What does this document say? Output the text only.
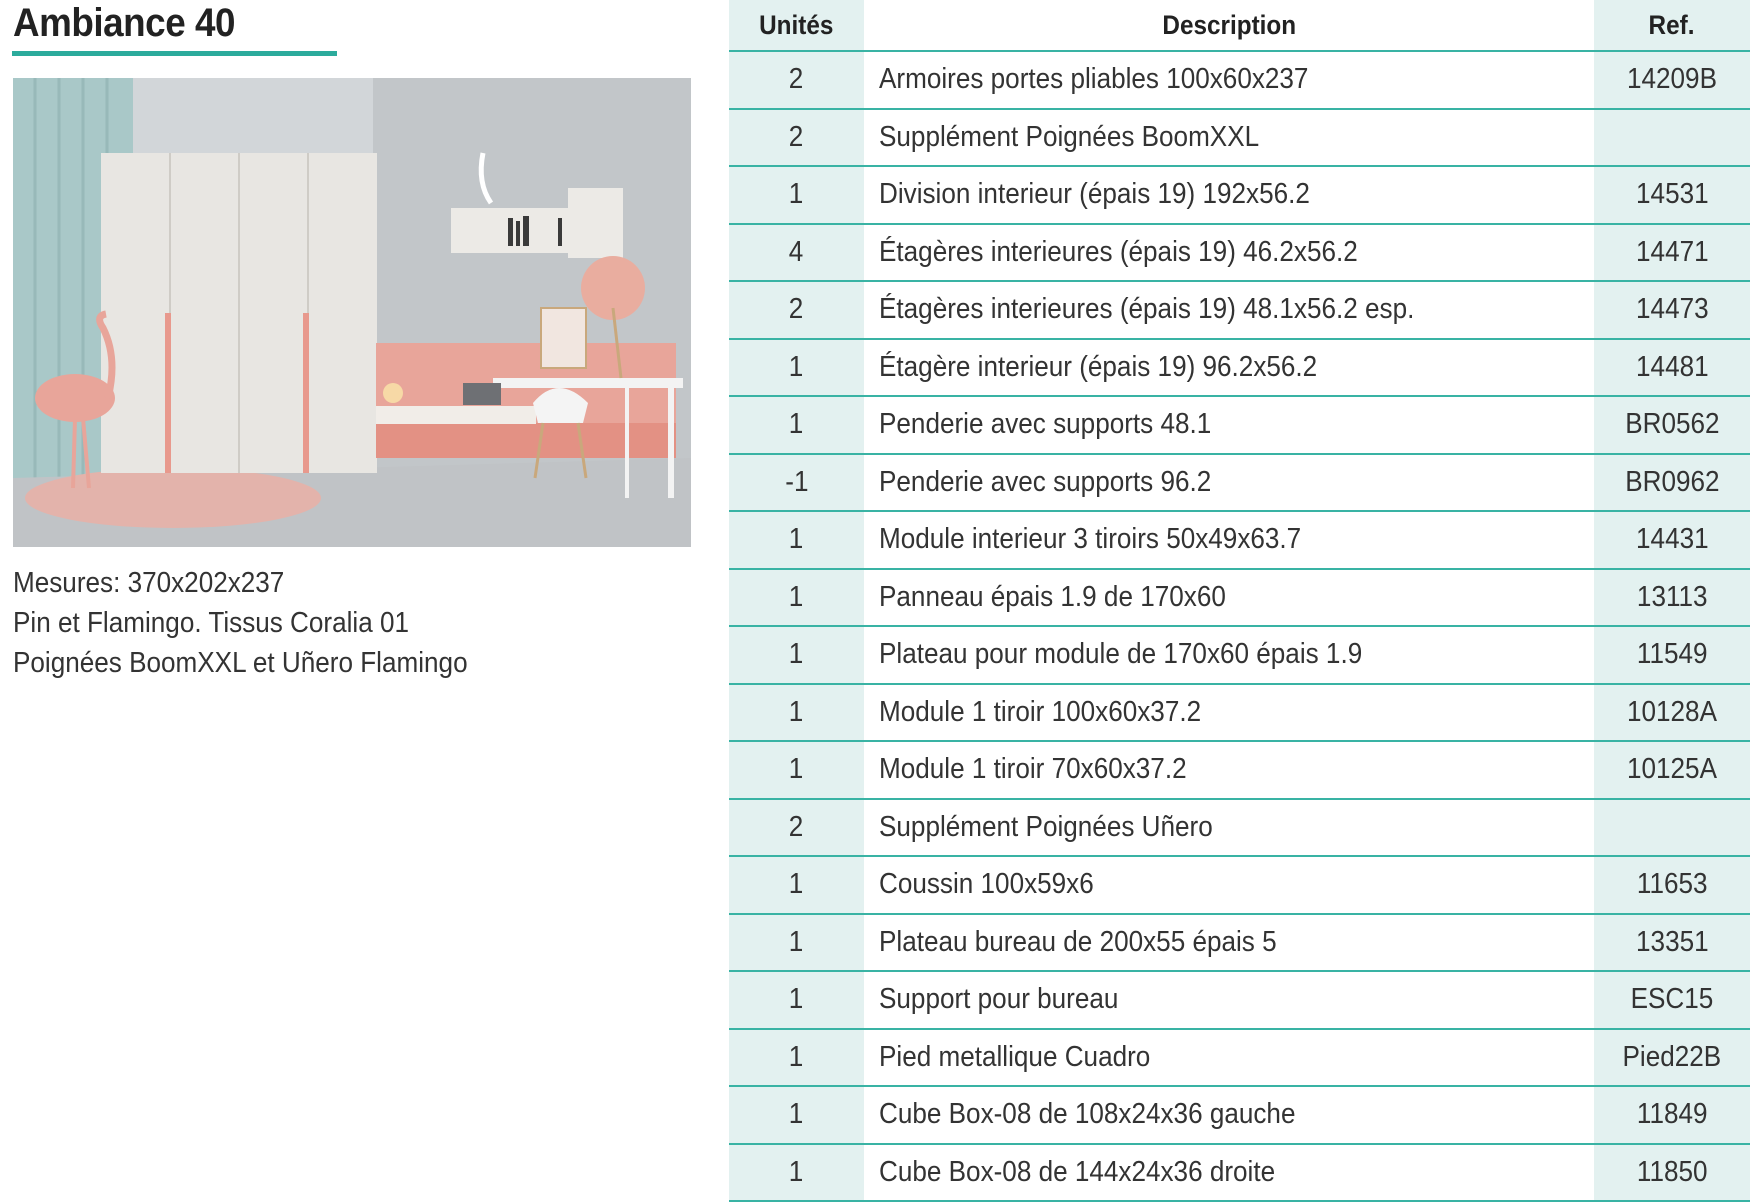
Ambiance 40
Mesures: 370x202x237
Pin et Flamingo. Tissus Coralia 01
Poignées BoomXXL et Uñero Flamingo
Unités	Description	Ref.
2	Armoires portes pliables 100x60x237	14209B
2	Supplément Poignées BoomXXL	
1	Division interieur (épais 19) 192x56.2	14531
4	Étagères interieures (épais 19) 46.2x56.2	14471
2	Étagères interieures (épais 19) 48.1x56.2 esp.	14473
1	Étagère interieur (épais 19) 96.2x56.2	14481
1	Penderie avec supports 48.1	BR0562
-1	Penderie avec supports 96.2	BR0962
1	Module interieur 3 tiroirs 50x49x63.7	14431
1	Panneau épais 1.9 de 170x60	13113
1	Plateau pour module de 170x60 épais 1.9	11549
1	Module 1 tiroir 100x60x37.2	10128A
1	Module 1 tiroir 70x60x37.2	10125A
2	Supplément Poignées Uñero	
1	Coussin 100x59x6	11653
1	Plateau bureau de 200x55 épais 5	13351
1	Support pour bureau	ESC15
1	Pied metallique Cuadro	Pied22B
1	Cube Box-08 de 108x24x36 gauche	11849
1	Cube Box-08 de 144x24x36 droite	11850
